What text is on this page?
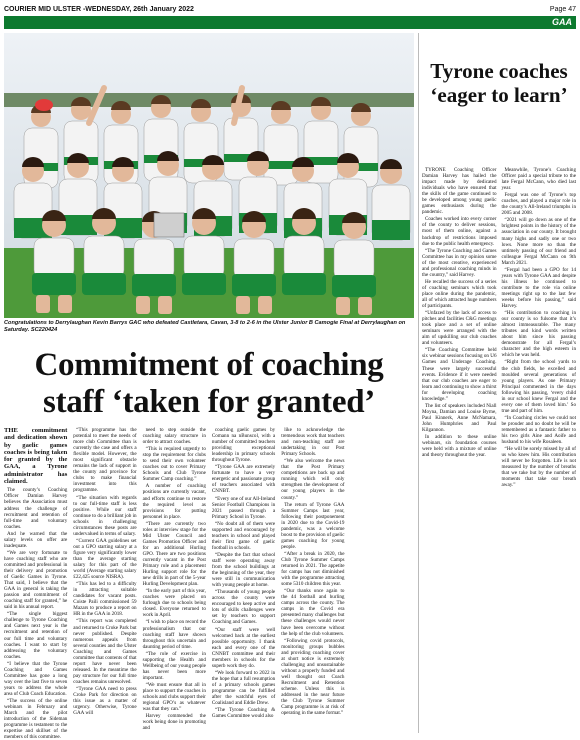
COURIER MID ULSTER -WEDNESDAY, 26th January 2022	Page 47
GAA
Congratulations to Derrylaughan Kevin Barrys GAC who defeated Castletara, Cavan, 3-8 to 2-6 in the Ulster Junior B Camogie Final at Derrylaughan on Saturday. SC220424
Commitment of coaching staff ‘taken for granted’

THE commitment and dedication shown by gaelic games coaches is being taken for granted by the GAA, a Tyrone administrator has claimed.

The county’s Coaching Officer Damian Harvey believes the Association must address the challenge of recruitment and retention of full-time and voluntary coaches.

And he warned that the salary levels on offer are inadequate.

“We are very fortunate to have coaching staff who are committed and professional in their delivery and promotion of Gaelic Games in Tyrone. That said, I believe that the GAA in general is taking the passion and commitment of coaching staff for granted,” he said in his annual report.

“The single biggest challenge to Tyrone Coaching and Games next year is the recruitment and retention of our full time and voluntary coaches. I want to start by addressing the voluntary coaches.

“I believe that the Tyrone Coaching and Games Committee has gone a long way over the last five to seven years to address the whole area of Club Coach Education.

“The success of the online webinars in February and March and the pilot introduction of the Sideman programme is testament to the expertise and skillset of the members of this committee.

“This programme has the potential to meet the needs of more club Committee than is currently the case and offers a flexible model. However, the most significant obstacle remains the lack of support in the county and province for clubs to make financial investment into this programme.

“The situation with regards to our full-time staff is less positive. While our staff continue to do a brilliant job in schools in challenging circumstances these posts are undervalued in terms of salary.

“Current GAA guidelines set out a GPO starting salary at a figure very significantly lower than the average starting salary for this part of the world (Average starting salary £22,425 source NISRA).

“This has led to a difficulty in attracting suitable candidates for vacant posts. Coiste Paili commissioned 59 Mazars to produce a report on HR in the GAA in 2018.

“This report was completed and returned to Croke Park but never published. Despite numerous appeals from several counties and the Ulster Coaching and Games committee that contents of that report have never been released. In the meantime the pay structure for our full time coaches remains unresolved.

“Tyrone GAA need to press Croke Park for direction on this issue as a matter of urgency. Otherwise, Tyrone GAA will

need to step outside the coaching salary structure in order to attract coaches.

“This is required urgently to stop the requirement for clubs to send their own volunteer coaches out to cover Primary Schools and Club Tyrone Summer Camp coaching.”

A number of coaching positions are currently vacant, and efforts continue to restore the required level as provisions for putting personnel in place.

“There are currently two roles at interview stage for the Mid Ulster Council and Games Promotion Officer and for an additional Hurling GPO. There are two positions currently vacant in the Post Primary role and a placement Hurling support role for the new drills in part of the 5-year Hurling Development plan.

“In the early part of this year, coaches were placed on furlough due to schools being closed. Everyone returned to work in April.

“I wish to place on record the professionalism that our coaching staff have shown throughout this uncertain and daunting period of time.

“The role of exercise in supporting the Health and Wellbeing of our young people has never been more important.

“We must ensure that all in place to support the coaches in schools and clubs support their regional GPO’s as whatever was that they can.”

Harvey commended the work being done in promoting and

coaching gaelic games by Comann na nBunscol, with a number of committed teachers providing exceptional leadership in primary schools throughout Tyrone.

“Tyrone GAA are extremely fortunate to have a very energetic and passionate group of teachers associated with CNNBT.

“Every one of our All-Ireland Senior Football Champions in 2021 passed through a Primary School in Tyrone.

“No doubt all of them were supported and encouraged by teachers in school and played their first game of gaelic football in schools.

“Despite the fact that school staff were operating away from the school buildings at the beginning of the year, they were still in communication with young people at home.

“Thousands of young people across the county were encouraged to keep active and lots of skills challenges were set by teachers to support Coaching and Games.

“Our staff were well welcomed back at the earliest possible opportunity. I thank each and every one of the CNNBT committee and their members in schools for the superb work they do.

“We look forward to 2022 in the hope that a full resumption of a primary schools games programme can be fulfilled after the watchful eyes of Coalisland and Eddie Drew.

“The Tyrone Coaching & Games Committee would also

like to acknowledge the tremendous work that teachers and non-teaching staff are undertaking in our Post Primary Schools.

“We also welcome the news that the Post Primary competitions are back up and running which will only strengthen the development of our young players in the county.”

The return of Tyrone GAA Summer Camps last year, following their postponement in 2020 due to the Covid-19 pandemic, was a welcome boost to the provision of gaelic games coaching for young people.

“After a break in 2020, the Club Tyrone Summer Camps returned in 2021. The appetite for camps has not diminished with the programme attracting some 5310 children this year.

“Our thanks once again to the 44 football and hurling camps across the county. The camps in the Covid era presented many challenges but these challenges would never have been overcome without the help of the club volunteers.

“Following covid protocols, monitoring groups bubbles and providing coaching cover at short notice is extremely challenging and unsustainable without a properly funded and well thought out Coach Recruitment and Retention scheme. Unless this is addressed in the near future the Club Tyrone Summer Camp programme is at risk of operating in the same format.”

Tyrone coaches ‘eager to learn’

TYRONE Coaching Officer Damian Harvey has hailed the impact made by dedicated individuals who have ensured that the skills of the game continued to be developed among young gaelic games enthusiasts during the pandemic.

Coaches worked into every corner of the county to deliver sessions, most of them online, against a backdrop of restrictions imposed due to the public health emergency.

“The Tyrone Coaching and Games Committee has in my opinion some of the most creative, experienced and professional coaching minds in the country,” said Harvey.

He recalled the success of a series of coaching seminars which took place online during the pandemic, all of which attracted huge numbers of participants.

“Unfazed by the lack of access to pitches and facilities C&G meetings took place and a set of online seminars were arranged with the aim of upskilling our club coaches and volunteers.

“The Coaching Committee held six webinar sessions focusing on U6 Games and Underage Coaching. These were largely successful events. Evidence if it were needed that our club coaches are eager to learn and continuing to show a thirst for developing coaching knowledge.”

The list of speakers included Niall Moyna, Damian and Louise Byrne, Paul Kinnerk, Anne McNamara, John Humphries and Paul Kilgannon.

In addition to these online webinars, six foundation courses were held with a mixture of online and theory throughout the year.

Meanwhile, Tyrone’s Coaching Officer paid a special tribute to the late Fergal McCann, who died last year.

Fergal was one of Tyrone’s top coaches, and played a major role in the county’s All-Ireland triumphs in 2005 and 2008.

“2021 will go down as one of the brightest points in the history of the association in our county. It brought many highs and sadly one or two lows. None more so than the untimely passing of our friend and colleague Fergal McCann on 9th March 2021.

“Fergal had been a GPO for 14 years with Tyrone GAA and despite his illness he continued to contribute to the role via online meetings right up to the last few weeks before his passing,” said Harvey.

“His contribution to coaching in our county is so fulsome that it’s almost immeasurable. The many tributes and kind words written about him since his passing demonstrate for all Fergal’s character and the high esteem in which he was held.

“Right from the school yards to the club fields, he excelled and moulded several generations of young players. As one Primary Principal commented in the days following his passing, ‘every child in our school knew Fergal and the every one of them loved him.’ So true and part of him.

“In Coaching circles we could not be prouder and no doubt he will be remembered as a fantastic father to his two girls Aine and Aoife and husband to his wife Rosaleen.

“He will be sorely missed by all of us who knew him. His contribution will never be forgotten. Life is not measured by the number of breaths that we take but by the number of moments that take our breath away.”
